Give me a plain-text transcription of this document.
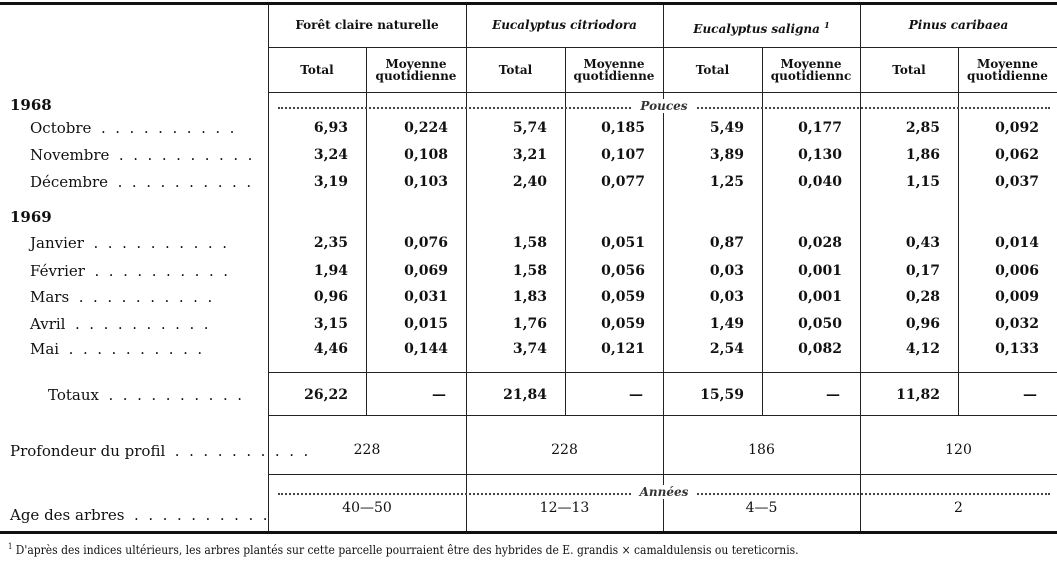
Forêt claire naturelle	Eucalyptus citriodora	Eucalyptus saligna $^1$	Pinus caribaea
Total	Moyenne quotidienne	Total	Moyenne quotidienne	Total	Moyenne quotidiennc	Total	Moyenne quotidienne
Pouces
Années
1968
Octobre . .	6,93	0,224	5,74	0,185	5,49	0,177	2,85	0,092
Novembre . .	3,24	0,108	3,21	0,107	3,89	0,130	1,86	0,062
Décembre . .	3,19	0,103	2,40	0,077	1,25	0,040	1,15	0,037
1969
Janvier . .	2,35	0,076	1,58	0,051	0,87	0,028	0,43	0,014
Février . .	1,94	0,069	1,58	0,056	0,03	0,001	0,17	0,006
Mars . .	0,96	0,031	1,83	0,059	0,03	0,001	0,28	0,009
Avril . .	3,15	0,015	1,76	0,059	1,49	0,050	0,96	0,032
Mai . .	4,46	0,144	3,74	0,121	2,54	0,082	4,12	0,133
Totaux . .	26,22	—	21,84	—	15,59	—	11,82	—
Profondeur du profil . .	228	228	186	120
Age des arbres . .	40—50	12—13	4—5	2
$^1$ D'après des indices ultérieurs, les arbres plantés sur cette parcelle pourraient être des hybrides de E. grandis × camaldulensis ou tereticornis.
